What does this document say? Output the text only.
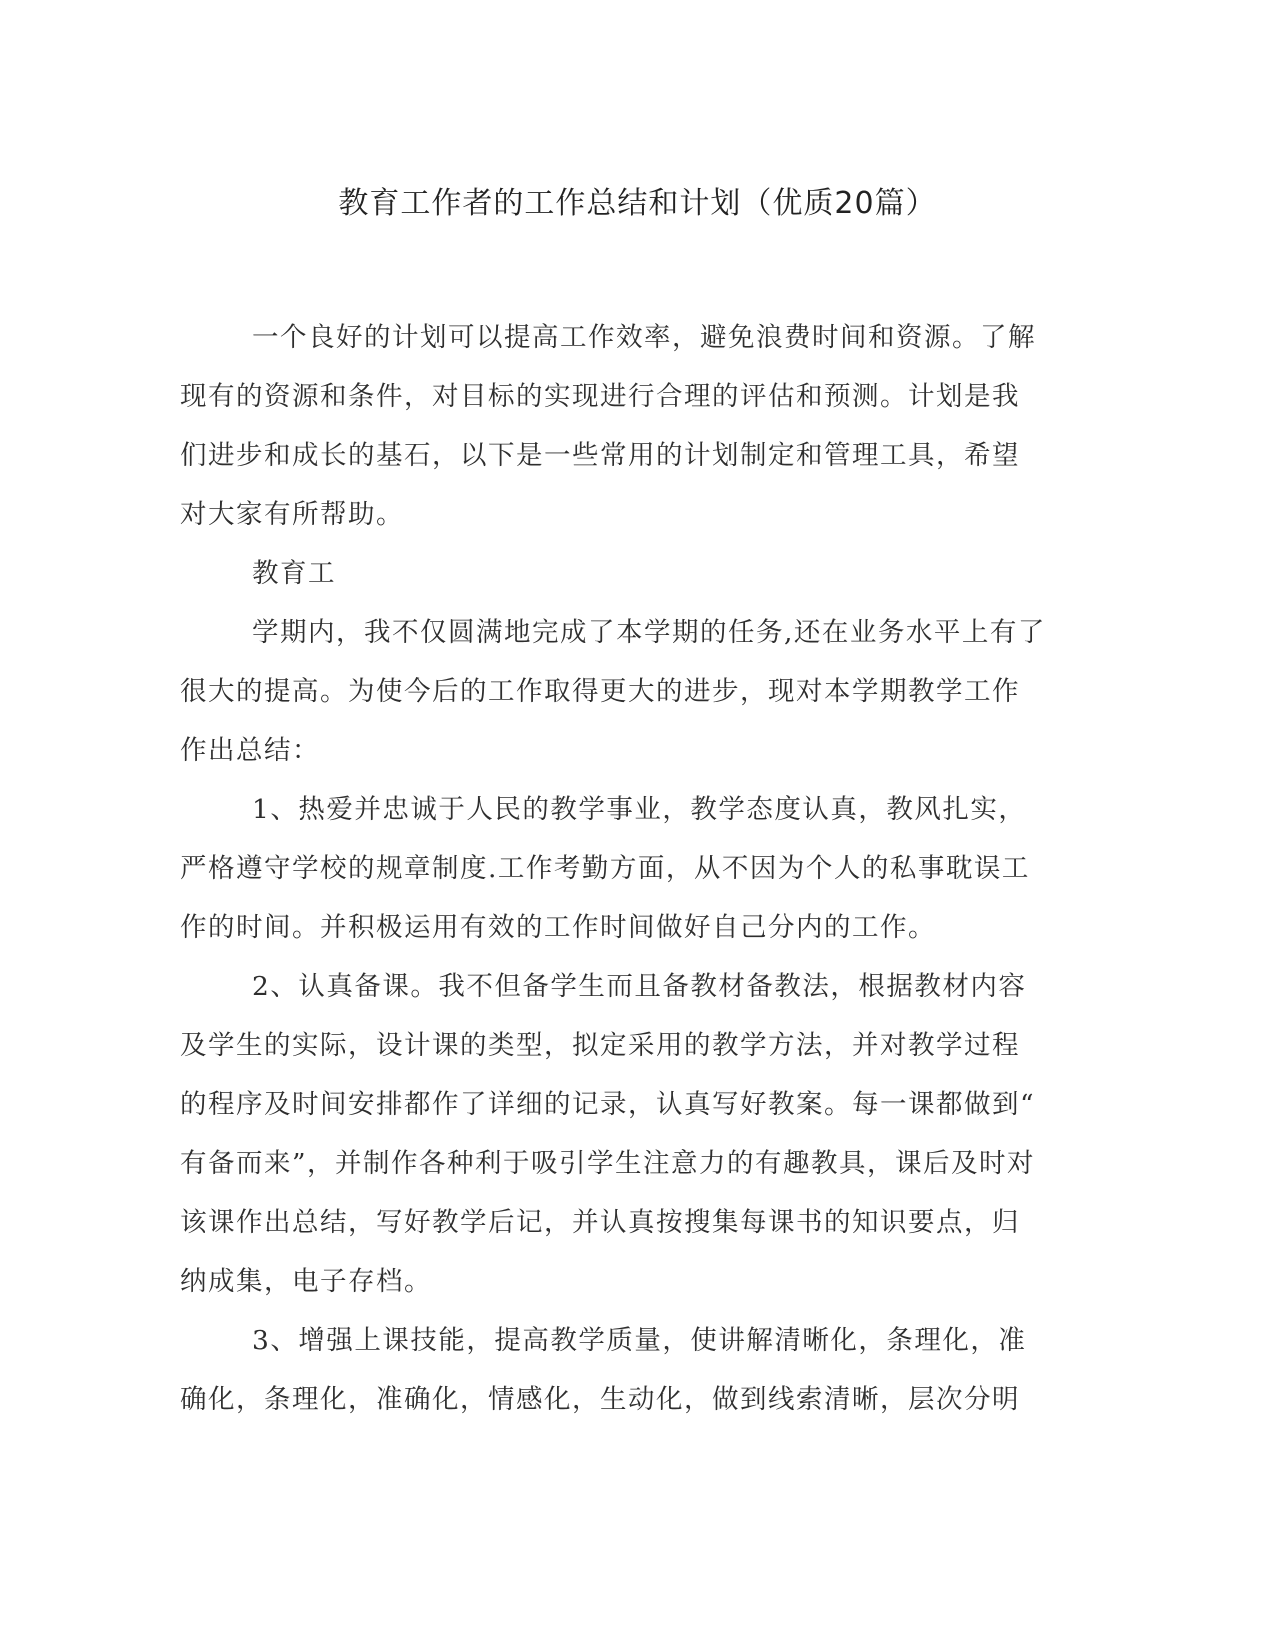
教育工作者的工作总结和计划（优质20篇）
一个良好的计划可以提高工作效率，避免浪费时间和资源。了解
现有的资源和条件，对目标的实现进行合理的评估和预测。计划是我
们进步和成长的基石，以下是一些常用的计划制定和管理工具，希望
对大家有所帮助。
教育工
学期内，我不仅圆满地完成了本学期的任务,还在业务水平上有了
很大的提高。为使今后的工作取得更大的进步，现对本学期教学工作
作出总结：
1、热爱并忠诚于人民的教学事业，教学态度认真，教风扎实，
严格遵守学校的规章制度.工作考勤方面，从不因为个人的私事耽误工
作的时间。并积极运用有效的工作时间做好自己分内的工作。
2、认真备课。我不但备学生而且备教材备教法，根据教材内容
及学生的实际，设计课的类型，拟定采用的教学方法，并对教学过程
的程序及时间安排都作了详细的记录，认真写好教案。每一课都做到“
有备而来”，并制作各种利于吸引学生注意力的有趣教具，课后及时对
该课作出总结，写好教学后记，并认真按搜集每课书的知识要点，归
纳成集，电子存档。
3、增强上课技能，提高教学质量，使讲解清晰化，条理化，准
确化，条理化，准确化，情感化，生动化，做到线索清晰，层次分明
